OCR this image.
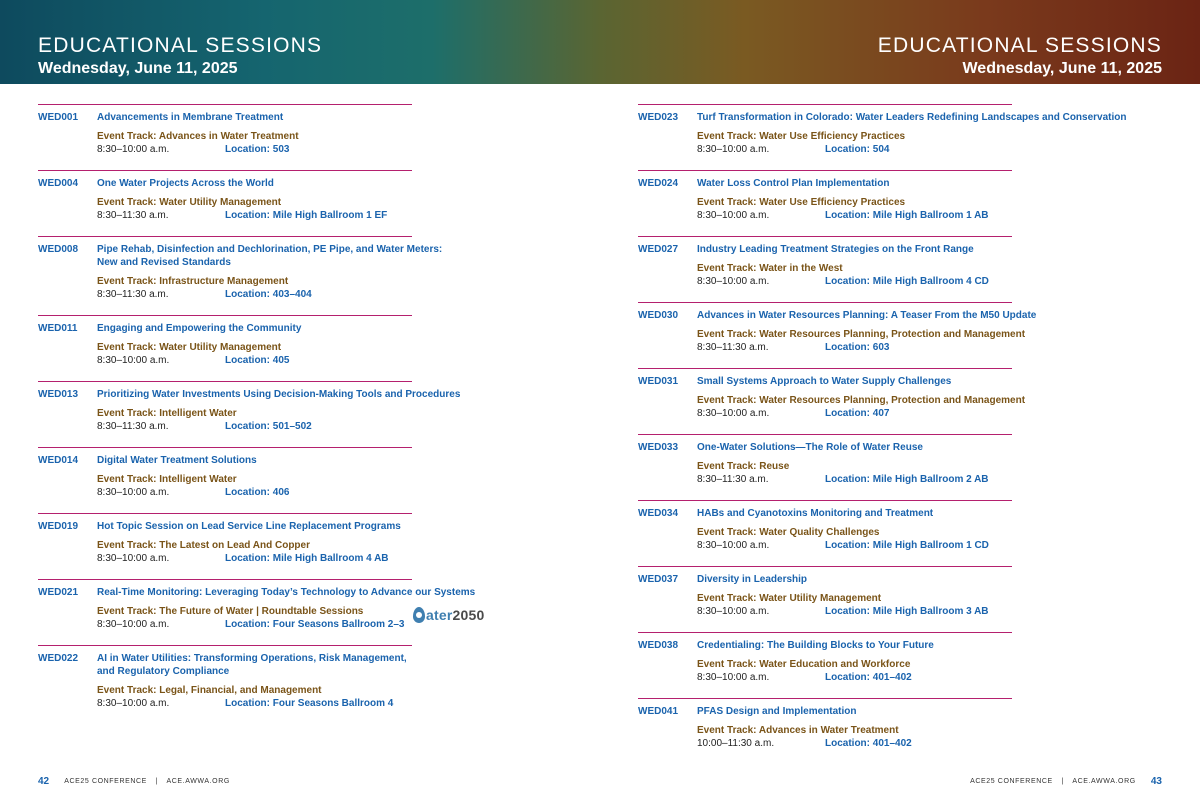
EDUCATIONAL SESSIONS
Wednesday, June 11, 2025
EDUCATIONAL SESSIONS
Wednesday, June 11, 2025
WED001 Advancements in Membrane Treatment
Event Track: Advances in Water Treatment
8:30–10:00 a.m.	Location: 503
WED004 One Water Projects Across the World
Event Track: Water Utility Management
8:30–11:30 a.m.	Location: Mile High Ballroom 1 EF
WED008 Pipe Rehab, Disinfection and Dechlorination, PE Pipe, and Water Meters:
New and Revised Standards
Event Track: Infrastructure Management
8:30–11:30 a.m.	Location: 403–404
WED011 Engaging and Empowering the Community
Event Track: Water Utility Management
8:30–10:00 a.m.	Location: 405
WED013 Prioritizing Water Investments Using Decision-Making Tools and Procedures
Event Track: Intelligent Water
8:30–11:30 a.m.	Location: 501–502
WED014 Digital Water Treatment Solutions
Event Track: Intelligent Water
8:30–10:00 a.m.	Location: 406
WED019 Hot Topic Session on Lead Service Line Replacement Programs
Event Track: The Latest on Lead And Copper
8:30–10:00 a.m.	Location: Mile High Ballroom 4 AB
WED021 Real-Time Monitoring: Leveraging Today’s Technology to Advance our Systems
Event Track: The Future of Water | Roundtable Sessions
8:30–10:00 a.m.	Location: Four Seasons Ballroom 2–3
WED022 AI in Water Utilities: Transforming Operations, Risk Management,
and Regulatory Compliance
Event Track: Legal, Financial, and Management
8:30–10:00 a.m.	Location: Four Seasons Ballroom 4
WED023 Turf Transformation in Colorado: Water Leaders Redefining Landscapes and Conservation
Event Track: Water Use Efficiency Practices
8:30–10:00 a.m.	Location: 504
WED024 Water Loss Control Plan Implementation
Event Track: Water Use Efficiency Practices
8:30–10:00 a.m.	Location: Mile High Ballroom 1 AB
WED027 Industry Leading Treatment Strategies on the Front Range
Event Track: Water in the West
8:30–10:00 a.m.	Location: Mile High Ballroom 4 CD
WED030 Advances in Water Resources Planning: A Teaser From the M50 Update
Event Track: Water Resources Planning, Protection and Management
8:30–11:30 a.m.	Location: 603
WED031 Small Systems Approach to Water Supply Challenges
Event Track: Water Resources Planning, Protection and Management
8:30–10:00 a.m.	Location: 407
WED033 One-Water Solutions—The Role of Water Reuse
Event Track: Reuse
8:30–11:30 a.m.	Location: Mile High Ballroom 2 AB
WED034 HABs and Cyanotoxins Monitoring and Treatment
Event Track: Water Quality Challenges
8:30–10:00 a.m.	Location: Mile High Ballroom 1 CD
WED037 Diversity in Leadership
Event Track: Water Utility Management
8:30–10:00 a.m.	Location: Mile High Ballroom 3 AB
WED038 Credentialing: The Building Blocks to Your Future
Event Track: Water Education and Workforce
8:30–10:00 a.m.	Location: 401–402
WED041 PFAS Design and Implementation
Event Track: Advances in Water Treatment
10:00–11:30 a.m.	Location: 401–402
ater2050
42 ACE25 CONFERENCE | ACE.AWWA.ORG	ACE25 CONFERENCE | ACE.AWWA.ORG 43
